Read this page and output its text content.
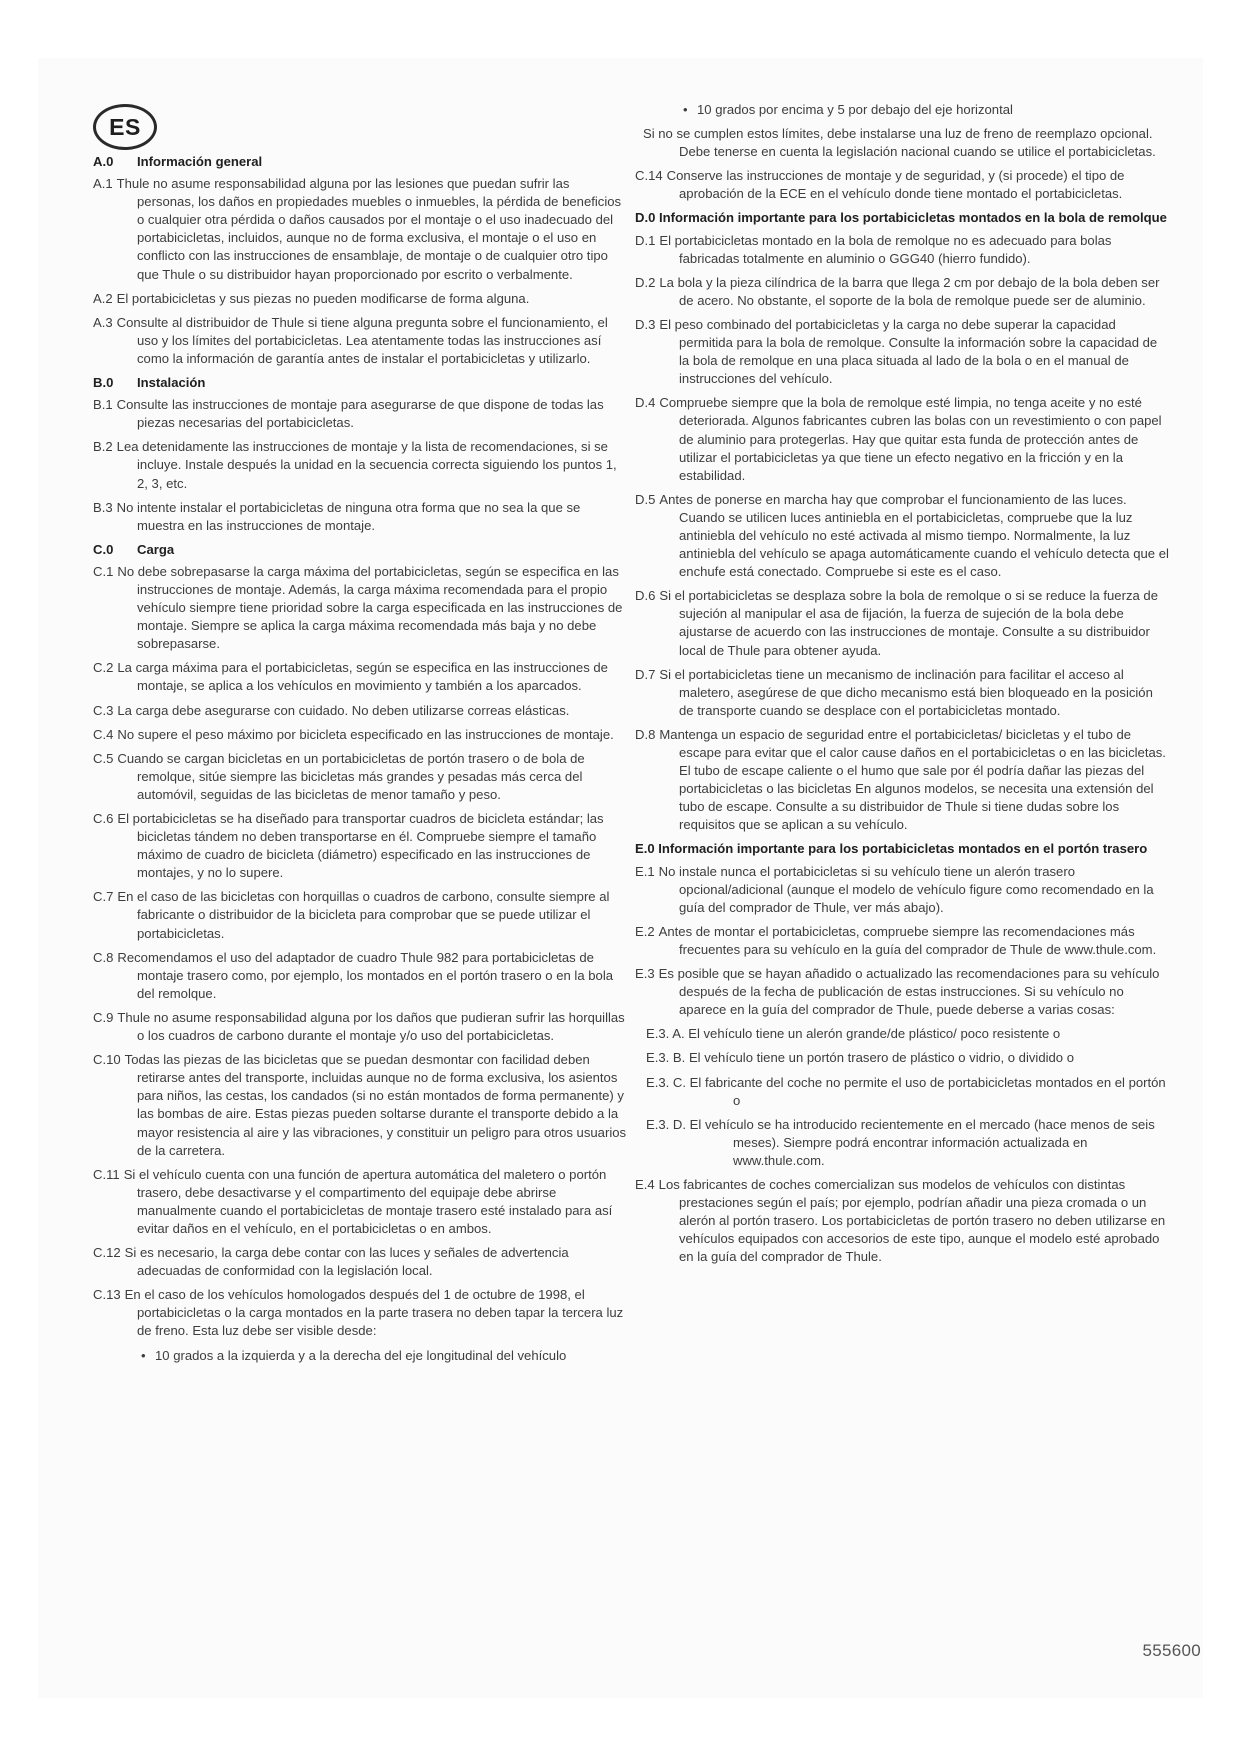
ES
A.0	Información general
A.1 Thule no asume responsabilidad alguna por las lesiones que puedan sufrir las personas, los daños en propiedades muebles o inmuebles, la pérdida de beneficios o cualquier otra pérdida o daños causados por el montaje o el uso inadecuado del portabicicletas, incluidos, aunque no de forma exclusiva, el montaje o el uso en conflicto con las instrucciones de ensamblaje, de montaje o de cualquier otro tipo que Thule o su distribuidor hayan proporcionado por escrito o verbalmente.
A.2 El portabicicletas y sus piezas no pueden modificarse de forma alguna.
A.3 Consulte al distribuidor de Thule si tiene alguna pregunta sobre el funcionamiento, el uso y los límites del portabicicletas. Lea atentamente todas las instrucciones así como la información de garantía antes de instalar el portabicicletas y utilizarlo.
B.0	Instalación
B.1 Consulte las instrucciones de montaje para asegurarse de que dispone de todas las piezas necesarias del portabicicletas.
B.2 Lea detenidamente las instrucciones de montaje y la lista de recomendaciones, si se incluye. Instale después la unidad en la secuencia correcta siguiendo los puntos 1, 2, 3, etc.
B.3 No intente instalar el portabicicletas de ninguna otra forma que no sea la que se muestra en las instrucciones de montaje.
C.0	Carga
C.1 No debe sobrepasarse la carga máxima del portabicicletas, según se especifica en las instrucciones de montaje. Además, la carga máxima recomendada para el propio vehículo siempre tiene prioridad sobre la carga especificada en las instrucciones de montaje. Siempre se aplica la carga máxima recomendada más baja y no debe sobrepasarse.
C.2 La carga máxima para el portabicicletas, según se especifica en las instrucciones de montaje, se aplica a los vehículos en movimiento y también a los aparcados.
C.3 La carga debe asegurarse con cuidado. No deben utilizarse correas elásticas.
C.4 No supere el peso máximo por bicicleta especificado en las instrucciones de montaje.
C.5 Cuando se cargan bicicletas en un portabicicletas de portón trasero o de bola de remolque, sitúe siempre las bicicletas más grandes y pesadas más cerca del automóvil, seguidas de las bicicletas de menor tamaño y peso.
C.6 El portabicicletas se ha diseñado para transportar cuadros de bicicleta estándar; las bicicletas tándem no deben transportarse en él. Compruebe siempre el tamaño máximo de cuadro de bicicleta (diámetro) especificado en las instrucciones de montajes, y no lo supere.
C.7 En el caso de las bicicletas con horquillas o cuadros de carbono, consulte siempre al fabricante o distribuidor de la bicicleta para comprobar que se puede utilizar el portabicicletas.
C.8 Recomendamos el uso del adaptador de cuadro Thule 982 para portabicicletas de montaje trasero como, por ejemplo, los montados en el portón trasero o en la bola del remolque.
C.9 Thule no asume responsabilidad alguna por los daños que pudieran sufrir las horquillas o los cuadros de carbono durante el montaje y/o uso del portabicicletas.
C.10 Todas las piezas de las bicicletas que se puedan desmontar con facilidad deben retirarse antes del transporte, incluidas aunque no de forma exclusiva, los asientos para niños, las cestas, los candados (si no están montados de forma permanente) y las bombas de aire. Estas piezas pueden soltarse durante el transporte debido a la mayor resistencia al aire y las vibraciones, y constituir un peligro para otros usuarios de la carretera.
C.11 Si el vehículo cuenta con una función de apertura automática del maletero o portón trasero, debe desactivarse y el compartimento del equipaje debe abrirse manualmente cuando el portabicicletas de montaje trasero esté instalado para así evitar daños en el vehículo, en el portabicicletas o en ambos.
C.12 Si es necesario, la carga debe contar con las luces y señales de advertencia adecuadas de conformidad con la legislación local.
C.13 En el caso de los vehículos homologados después del 1 de octubre de 1998, el portabicicletas o la carga montados en la parte trasera no deben tapar la tercera luz de freno. Esta luz debe ser visible desde:
• 10 grados a la izquierda y a la derecha del eje longitudinal del vehículo
• 10 grados por encima y 5 por debajo del eje horizontal
Si no se cumplen estos límites, debe instalarse una luz de freno de reemplazo opcional. Debe tenerse en cuenta la legislación nacional cuando se utilice el portabicicletas.
C.14 Conserve las instrucciones de montaje y de seguridad, y (si procede) el tipo de aprobación de la ECE en el vehículo donde tiene montado el portabicicletas.
D.0 Información importante para los portabicicletas montados en la bola de remolque
D.1 El portabicicletas montado en la bola de remolque no es adecuado para bolas fabricadas totalmente en aluminio o GGG40 (hierro fundido).
D.2 La bola y la pieza cilíndrica de la barra que llega 2 cm por debajo de la bola deben ser de acero. No obstante, el soporte de la bola de remolque puede ser de aluminio.
D.3 El peso combinado del portabicicletas y la carga no debe superar la capacidad permitida para la bola de remolque. Consulte la información sobre la capacidad de la bola de remolque en una placa situada al lado de la bola o en el manual de instrucciones del vehículo.
D.4 Compruebe siempre que la bola de remolque esté limpia, no tenga aceite y no esté deteriorada. Algunos fabricantes cubren las bolas con un revestimiento o con papel de aluminio para protegerlas. Hay que quitar esta funda de protección antes de utilizar el portabicicletas ya que tiene un efecto negativo en la fricción y en la estabilidad.
D.5 Antes de ponerse en marcha hay que comprobar el funcionamiento de las luces. Cuando se utilicen luces antiniebla en el portabicicletas, compruebe que la luz antiniebla del vehículo no esté activada al mismo tiempo. Normalmente, la luz antiniebla del vehículo se apaga automáticamente cuando el vehículo detecta que el enchufe está conectado. Compruebe si este es el caso.
D.6 Si el portabicicletas se desplaza sobre la bola de remolque o si se reduce la fuerza de sujeción al manipular el asa de fijación, la fuerza de sujeción de la bola debe ajustarse de acuerdo con las instrucciones de montaje. Consulte a su distribuidor local de Thule para obtener ayuda.
D.7 Si el portabicicletas tiene un mecanismo de inclinación para facilitar el acceso al maletero, asegúrese de que dicho mecanismo está bien bloqueado en la posición de transporte cuando se desplace con el portabicicletas montado.
D.8 Mantenga un espacio de seguridad entre el portabicicletas/ bicicletas y el tubo de escape para evitar que el calor cause daños en el portabicicletas o en las bicicletas. El tubo de escape caliente o el humo que sale por él podría dañar las piezas del portabicicletas o las bicicletas En algunos modelos, se necesita una extensión del tubo de escape. Consulte a su distribuidor de Thule si tiene dudas sobre los requisitos que se aplican a su vehículo.
E.0 Información importante para los portabicicletas montados en el portón trasero
E.1 No instale nunca el portabicicletas si su vehículo tiene un alerón trasero opcional/adicional (aunque el modelo de vehículo figure como recomendado en la guía del comprador de Thule, ver más abajo).
E.2 Antes de montar el portabicicletas, compruebe siempre las recomendaciones más frecuentes para su vehículo en la guía del comprador de Thule de www.thule.com.
E.3 Es posible que se hayan añadido o actualizado las recomendaciones para su vehículo después de la fecha de publicación de estas instrucciones. Si su vehículo no aparece en la guía del comprador de Thule, puede deberse a varias cosas:
E.3. A. El vehículo tiene un alerón grande/de plástico/ poco resistente o
E.3. B. El vehículo tiene un portón trasero de plástico o vidrio, o dividido o
E.3. C. El fabricante del coche no permite el uso de portabicicletas montados en el portón o
E.3. D. El vehículo se ha introducido recientemente en el mercado (hace menos de seis meses). Siempre podrá encontrar información actualizada en www.thule.com.
E.4 Los fabricantes de coches comercializan sus modelos de vehículos con distintas prestaciones según el país; por ejemplo, podrían añadir una pieza cromada o un alerón al portón trasero. Los portabicicletas de portón trasero no deben utilizarse en vehículos equipados con accesorios de este tipo, aunque el modelo esté aprobado en la guía del comprador de Thule.
555600
